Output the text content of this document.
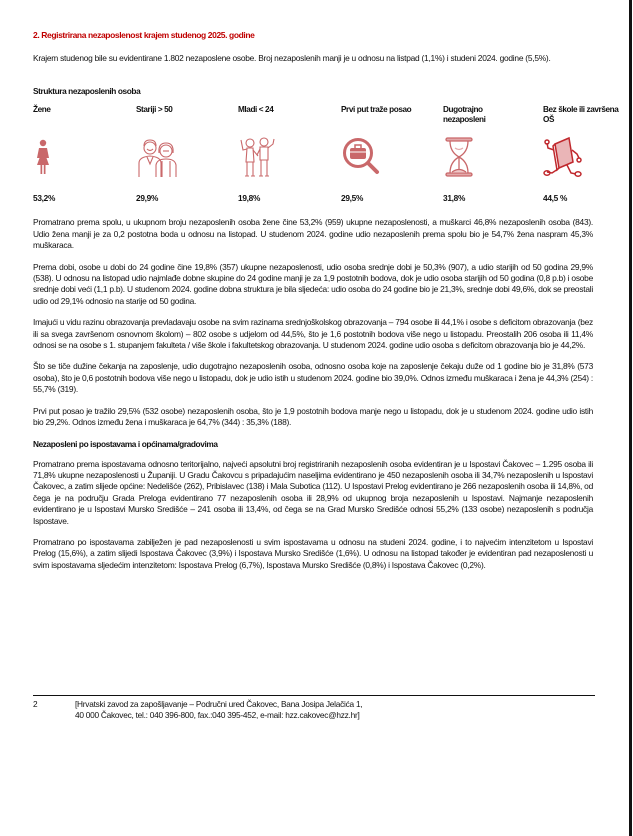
2. Registrirana nezaposlenost krajem studenog 2025. godine

Krajem studenog bile su evidentirane 1.802 nezaposlene osobe. Broj nezaposlenih manji je u odnosu na listpad (1,1%) i studeni 2024. godine (5,5%).

Struktura nezaposlenih osoba
Žene
53,2%
Stariji > 50
29,9%
Mladi < 24
19,8%
Prvi put traže posao
29,5%
Dugotrajno nezaposleni
31,8%
Bez škole ili završena OŠ
44,5 %

Promatrano prema spolu, u ukupnom broju nezaposlenih osoba žene čine 53,2% (959) ukupne nezaposlenosti, a muškarci 46,8% nezaposlenih osoba (843). Udio žena manji je za 0,2 postotna boda u odnosu na listopad. U studenom 2024. godine udio nezaposlenih prema spolu bio je 54,7% žena naspram 45,3% muškaraca.

Prema dobi, osobe u dobi do 24 godine čine 19,8% (357) ukupne nezaposlenosti, udio osoba srednje dobi je 50,3% (907), a udio starijih od 50 godina 29,9% (538). U odnosu na listopad udio najmlađe dobne skupine do 24 godine manji je za 1,9 postotnih bodova, dok je udio osoba starijih od 50 godina (0,8 p.b) i osobe srednje dobi veći (1,1 p.b). U studenom 2024. godine dobna struktura je bila sljedeća: udio osoba do 24 godine bio je 21,3%, srednje dobi 49,6%, dok se preostali udio od 29,1% odnosio na starije od 50 godina.

Imajući u vidu razinu obrazovanja prevladavaju osobe na svim razinama srednjoškolskog obrazovanja – 794 osobe ili 44,1% i osobe s deficitom obrazovanja (bez ili sa svega završenom osnovnom školom) – 802 osobe s udjelom od 44,5%, što je 1,6 postotnih bodova više nego u listopadu. Preostalih 206 osoba ili 11,4% odnosi se na osobe s 1. stupanjem fakulteta / više škole i fakultetskog obrazovanja. U studenom 2024. godine udio osoba s deficitom obrazovanja bio je 44,2%.

Što se tiče dužine čekanja na zaposlenje, udio dugotrajno nezaposlenih osoba, odnosno osoba koje na zaposlenje čekaju duže od 1 godine bio je 31,8% (573 osoba), što je 0,6 postotnih bodova više nego u listopadu, dok je udio istih u studenom 2024. godine bio 39,0%. Odnos između muškaraca i žena je 44,3% (254) : 55,7% (319).

Prvi put posao je tražilo 29,5% (532 osobe) nezaposlenih osoba, što je 1,9 postotnih bodova manje nego u listopadu, dok je u studenom 2024. godine udio istih bio 29,2%. Odnos između žena i muškaraca je 64,7% (344) : 35,3% (188).

Nezaposleni po ispostavama i općinama/gradovima

Promatrano prema ispostavama odnosno teritorijalno, najveći apsolutni broj registriranih nezaposlenih osoba evidentiran je u Ispostavi Čakovec – 1.295 osoba ili 71,8% ukupne nezaposlenosti u Županiji. U Gradu Čakovcu s pripadajućim naseljima evidentirano je 450 nezaposlenih osoba ili 34,7% nezaposlenih u Ispostavi Čakovec, a zatim slijede općine: Nedelišće (262), Pribislavec (138) i Mala Subotica (112). U Ispostavi Prelog evidentirano je 266 nezaposlenih osoba ili 14,8%, od čega je na području Grada Preloga evidentirano 77 nezaposlenih osoba ili 28,9% od ukupnog broja nezaposlenih u Ispostavi. Najmanje nezaposlenih evidentirano je u Ispostavi Mursko Središće – 241 osoba ili 13,4%, od čega se na Grad Mursko Središće odnosi 55,2% (133 osobe) nezaposlenih s područja Ispostave.

Promatrano po ispostavama zabilježen je pad nezaposlenosti u svim ispostavama u odnosu na studeni 2024. godine, i to najvećim intenzitetom u Ispostavi Prelog (15,6%), a zatim slijedi Ispostava Čakovec (3,9%) i Ispostava Mursko Središće (1,6%). U odnosu na listopad također je evidentiran pad nezaposlenosti u svim ispostavama sljedećim intenzitetom: Ispostava Prelog (6,7%), Ispostava Mursko Središće (0,8%) i Ispostava Čakovec (0,2%).

2	[Hrvatski zavod za zapošljavanje – Područni ured Čakovec, Bana Josipa Jelačića 1,
40 000 Čakovec, tel.: 040 396-800, fax.:040 395-452, e-mail: hzz.cakovec@hzz.hr]
